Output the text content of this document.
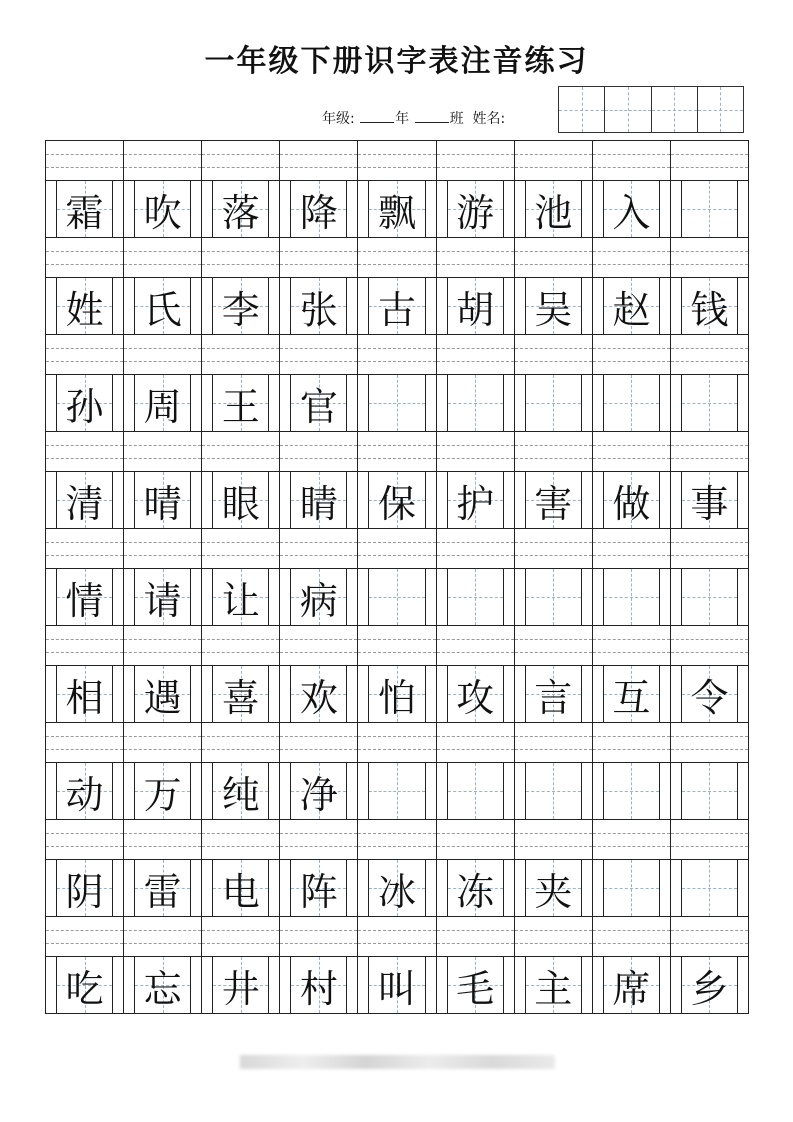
一年级下册识字表注音练习
年级:	年	班 姓名:
霜 吹 落 降 飘 游 池 入
姓 氏 李 张 古 胡 吴 赵 钱
孙 周 王 官
清 晴 眼 睛 保 护 害 做 事
情 请 让 病
相 遇 喜 欢 怕 攻 言 互 令
动 万 纯 净
阴 雷 电 阵 冰 冻 夹
吃 忘 井 村 叫 毛 主 席 乡
